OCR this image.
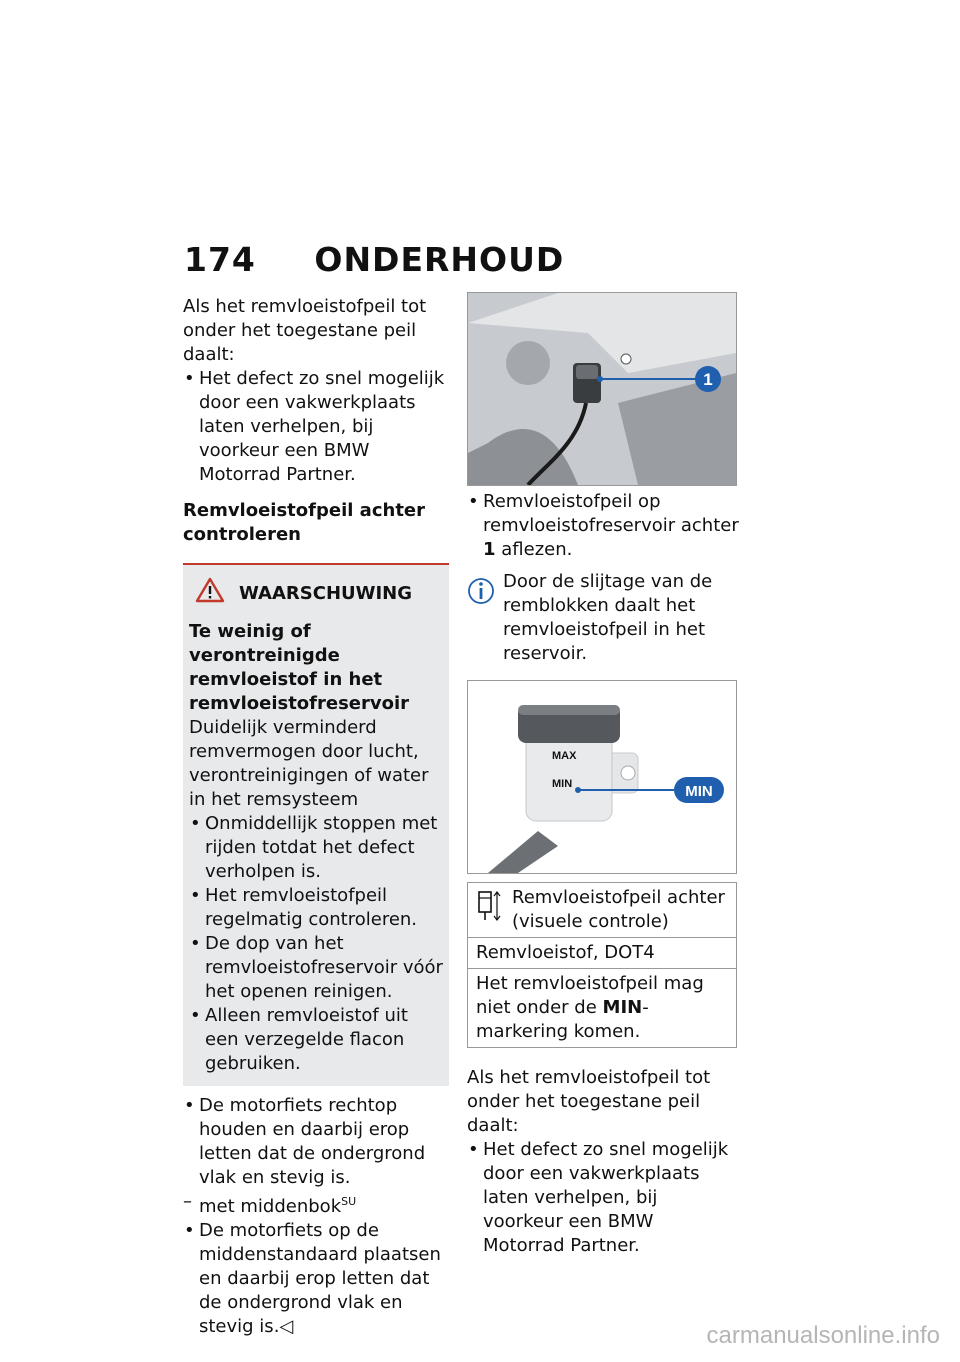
174 ONDERHOUD

Als het remvloeistofpeil tot onder het toegestane peil daalt:

• Het defect zo snel mogelijk door een vakwerkplaats laten verhelpen, bij voorkeur een BMW Motorrad Partner.

Remvloeistofpeil achter controleren

WAARSCHUWING

Te weinig of verontreinigde remvloeistof in het remvloeistofreservoir

Duidelijk verminderd remvermogen door lucht, verontreinigingen of water in het remsysteem

• Onmiddellijk stoppen met rijden totdat het defect verholpen is.

• Het remvloeistofpeil regelmatig controleren.

• De dop van het remvloeistofreservoir vóór het openen reinigen.

• Alleen remvloeistof uit een verzegelde flacon gebruiken.

• De motorfiets rechtop houden en daarbij erop letten dat de ondergrond vlak en stevig is.

– met middenbok$^{SU}$

• De motorfiets op de middenstandaard plaatsen en daarbij erop letten dat de ondergrond vlak en stevig is.◁

1

• Remvloeistofpeil op remvloeistofreservoir achter 1 aflezen.

Door de slijtage van de remblokken daalt het remvloeistofpeil in het reservoir.

MAX
MIN	MIN
Remvloeistofpeil achter (visuele controle)

Remvloeistof, DOT4
Het remvloeistofpeil mag niet onder de MIN-markering komen.

Als het remvloeistofpeil tot onder het toegestane peil daalt:

• Het defect zo snel mogelijk door een vakwerkplaats laten verhelpen, bij voorkeur een BMW Motorrad Partner.

carmanualsonline.info
